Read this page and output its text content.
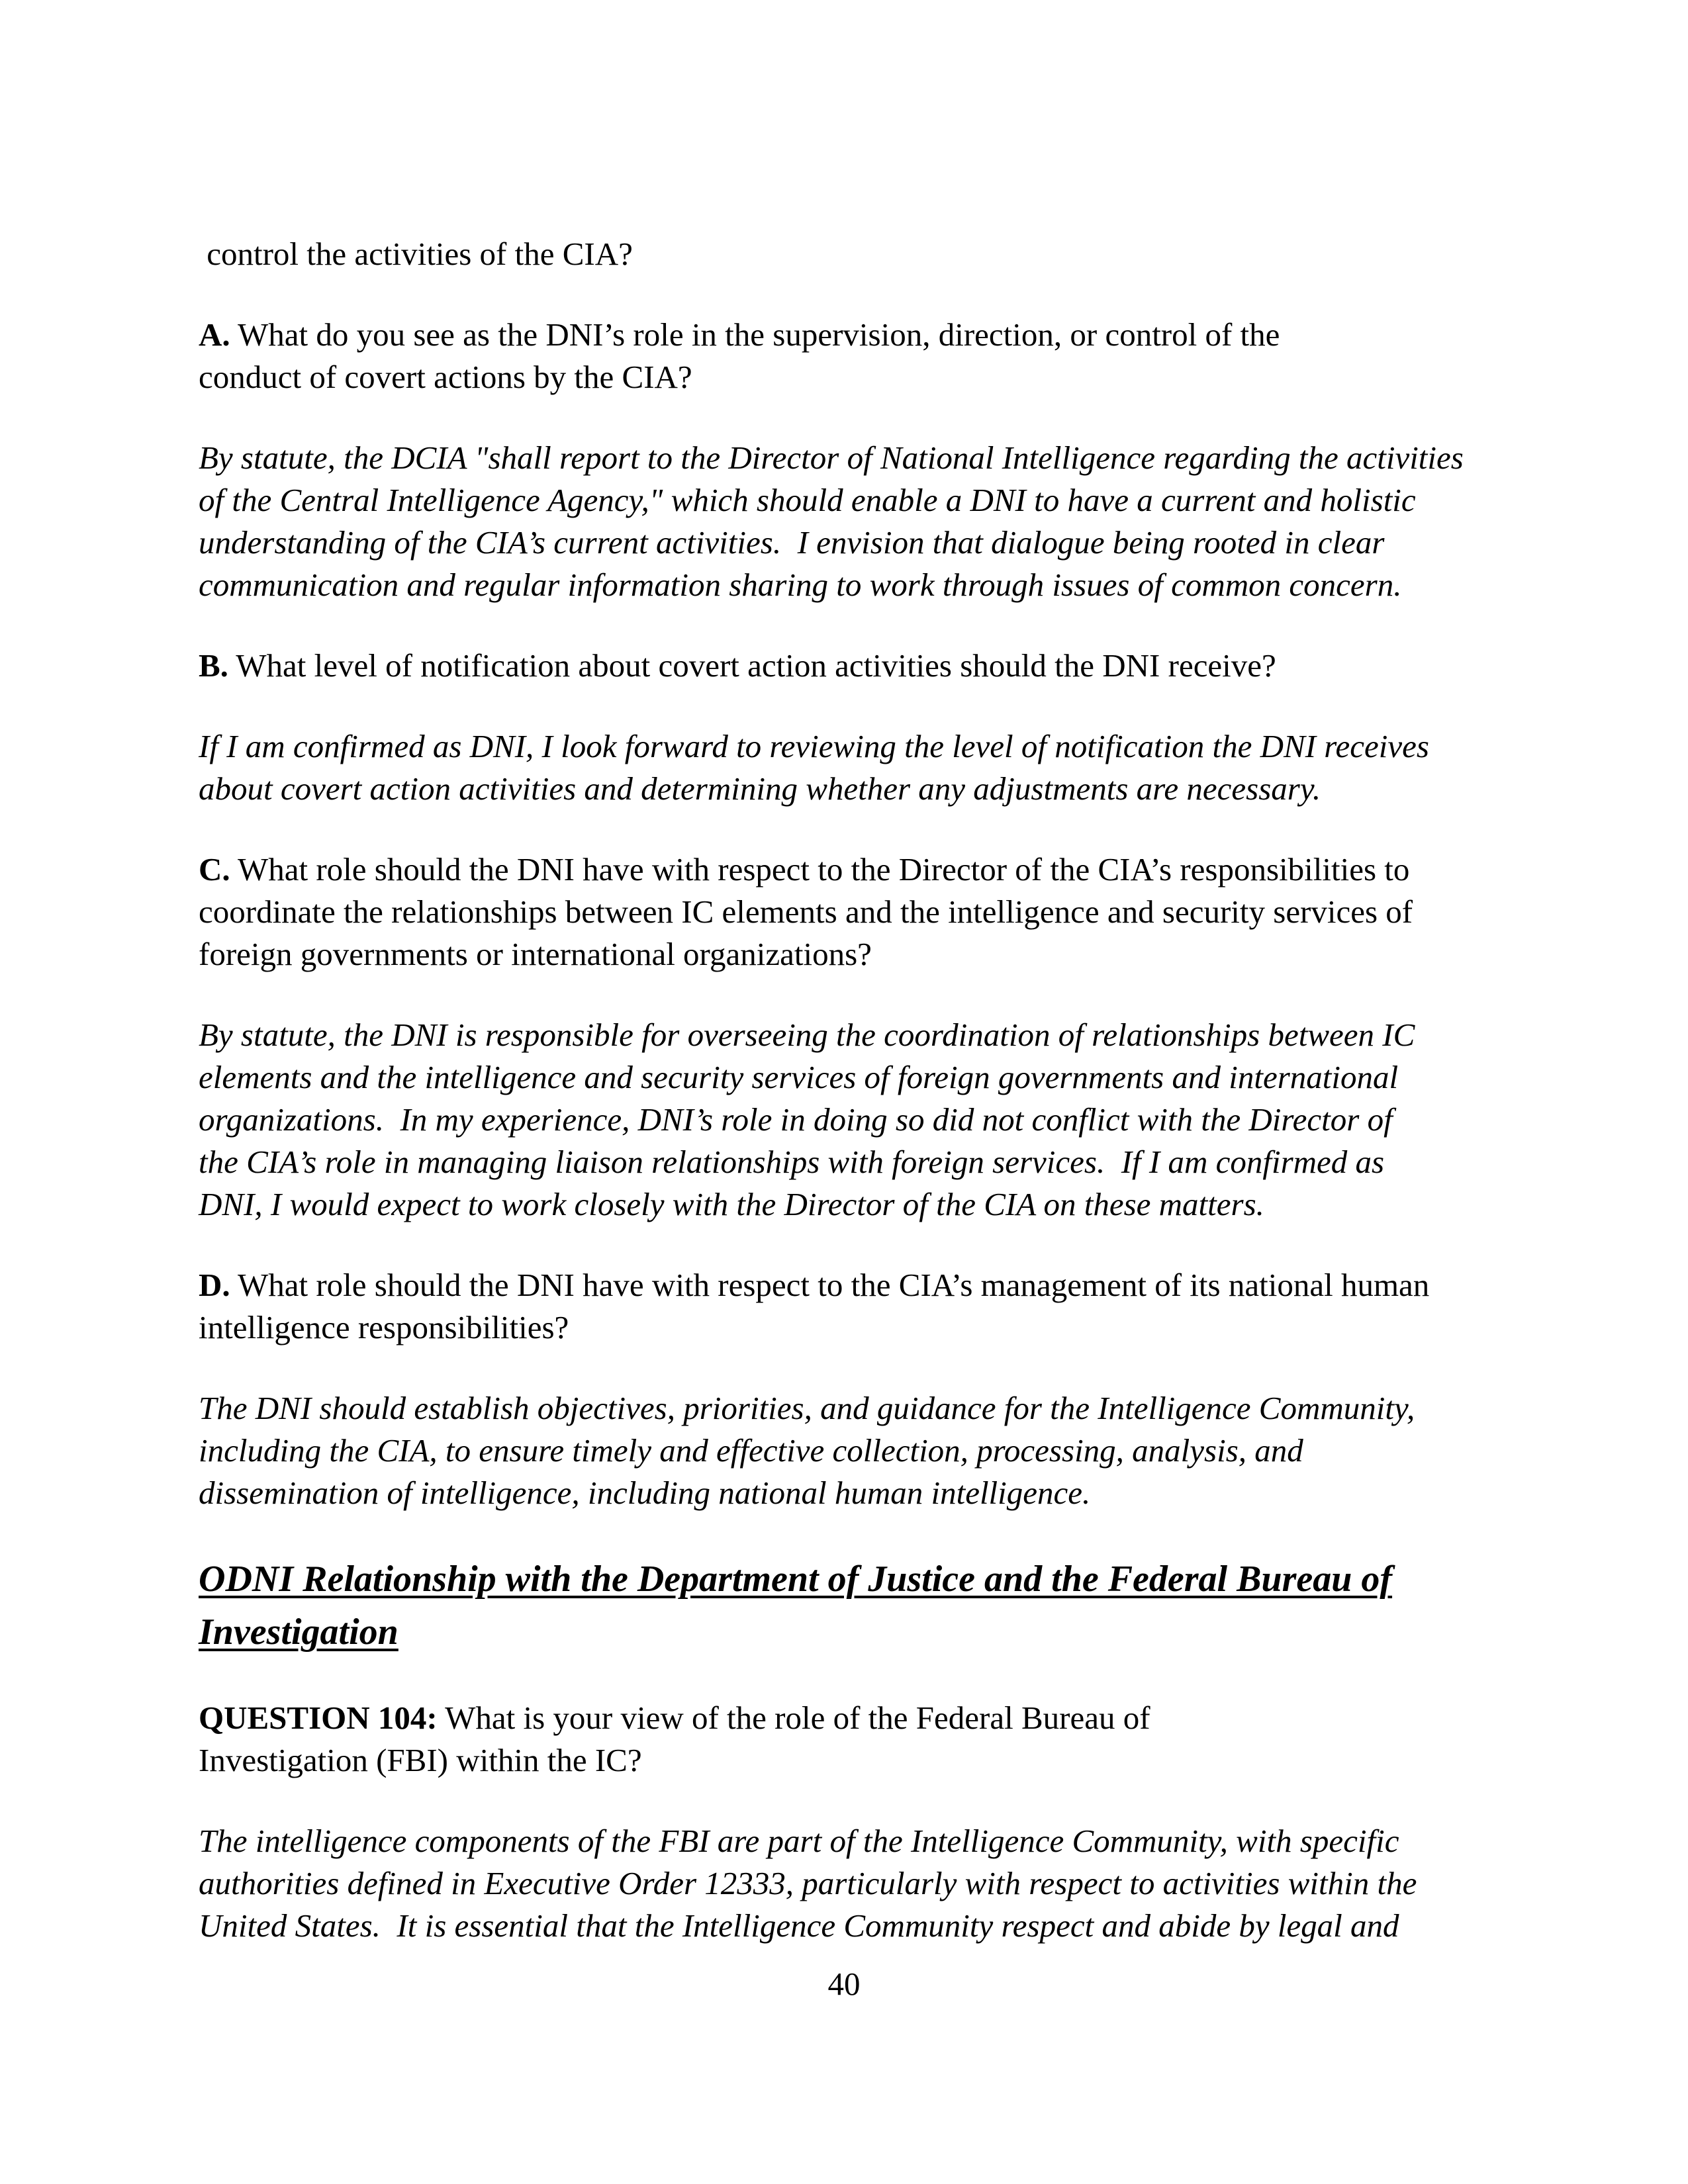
control the activities of the CIA?
A. What do you see as the DNI’s role in the supervision, direction, or control of the
conduct of covert actions by the CIA?
By statute, the DCIA "shall report to the Director of National Intelligence regarding the activities
of the Central Intelligence Agency," which should enable a DNI to have a current and holistic
understanding of the CIA’s current activities.  I envision that dialogue being rooted in clear
communication and regular information sharing to work through issues of common concern.
B. What level of notification about covert action activities should the DNI receive?
If I am confirmed as DNI, I look forward to reviewing the level of notification the DNI receives
about covert action activities and determining whether any adjustments are necessary.
C. What role should the DNI have with respect to the Director of the CIA’s responsibilities to
coordinate the relationships between IC elements and the intelligence and security services of
foreign governments or international organizations?
By statute, the DNI is responsible for overseeing the coordination of relationships between IC
elements and the intelligence and security services of foreign governments and international
organizations.  In my experience, DNI’s role in doing so did not conflict with the Director of
the CIA’s role in managing liaison relationships with foreign services.  If I am confirmed as
DNI, I would expect to work closely with the Director of the CIA on these matters.
D. What role should the DNI have with respect to the CIA’s management of its national human
intelligence responsibilities?
The DNI should establish objectives, priorities, and guidance for the Intelligence Community,
including the CIA, to ensure timely and effective collection, processing, analysis, and
dissemination of intelligence, including national human intelligence.
ODNI Relationship with the Department of Justice and the Federal Bureau of
Investigation
QUESTION 104: What is your view of the role of the Federal Bureau of
Investigation (FBI) within the IC?
The intelligence components of the FBI are part of the Intelligence Community, with specific
authorities defined in Executive Order 12333, particularly with respect to activities within the
United States.  It is essential that the Intelligence Community respect and abide by legal and
40
